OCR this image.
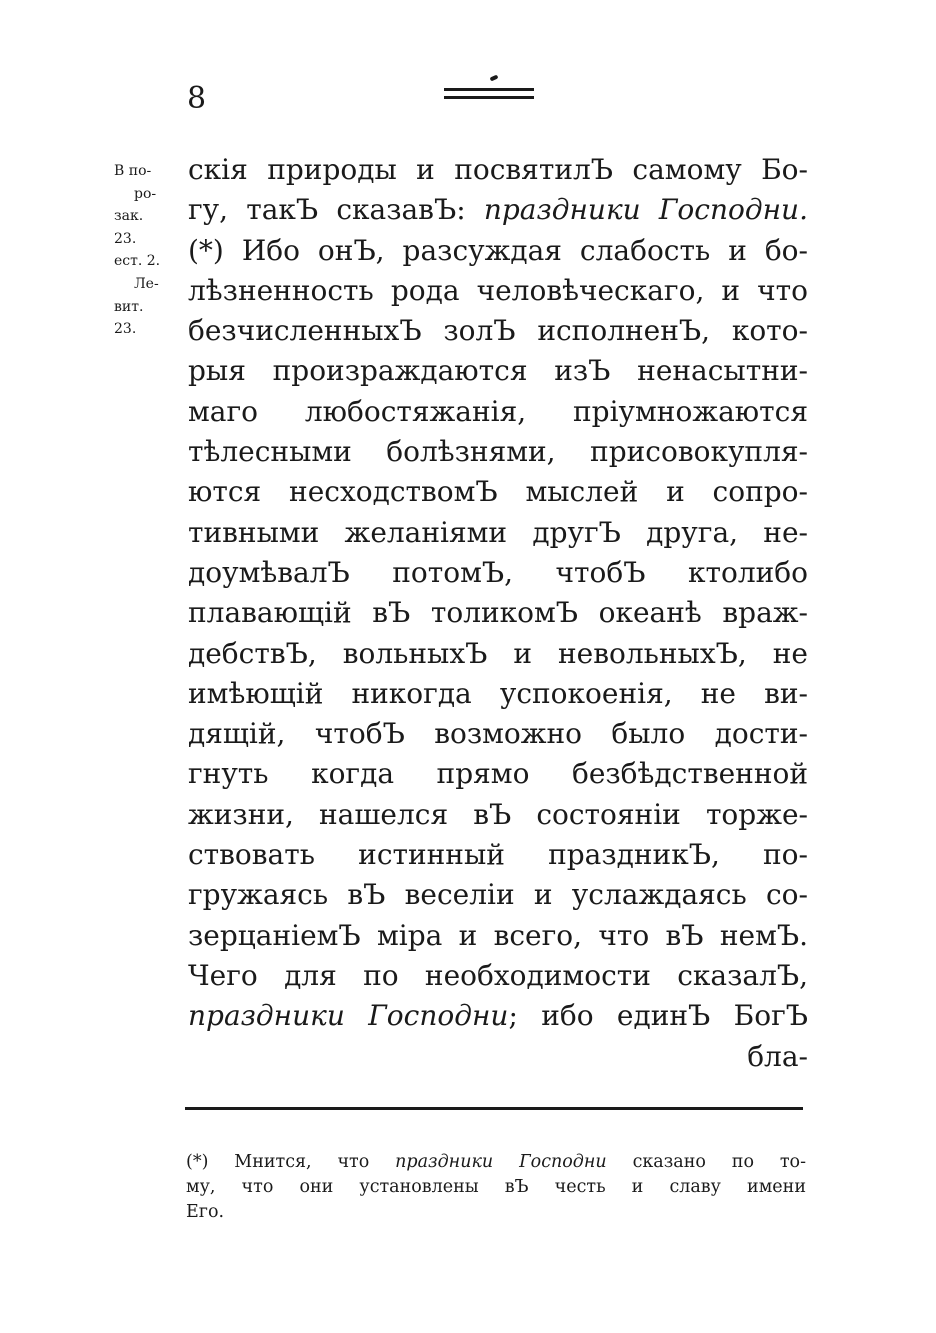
8
В по-
ро-
зак.
23.
ест. 2.
Ле-
вит.
23.
скія природы и посвятилЪ самому Бо-
гу, такЪ сказавЪ: праздники Господни.
(*) Ибо онЪ, разсуждая слабость и бо-
лѣзненность рода человѣческаго, и что
безчисленныхЪ золЪ исполненЪ, кото-
рыя произраждаются изЪ ненасытни-
маго любостяжанія, пріумножаются
тѣлесными болѣзнями, присовокупля-
ются несходствомЪ мыслей и сопро-
тивными желаніями другЪ друга, не-
доумѣвалЪ потомЪ, чтобЪ ктолибо
плавающій вЪ толикомЪ океанѣ враж-
дебствЪ, вольныхЪ и невольныхЪ, не
имѣющій никогда успокоенія, не ви-
дящій, чтобЪ возможно было дости-
гнуть когда прямо безбѣдственной
жизни, нашелся вЪ состояніи торже-
ствовать истинный праздникЪ, по-
гружаясь вЪ веселіи и услаждаясь со-
зерцаніемЪ міра и всего, что вЪ немЪ.
Чего для по необходимости сказалЪ,
праздники Господни; ибо единЪ БогЪ
бла-
(*) Мнится, что праздники Господни сказано по то-
му, что они установлены вЪ честь и славу имени
Его.
